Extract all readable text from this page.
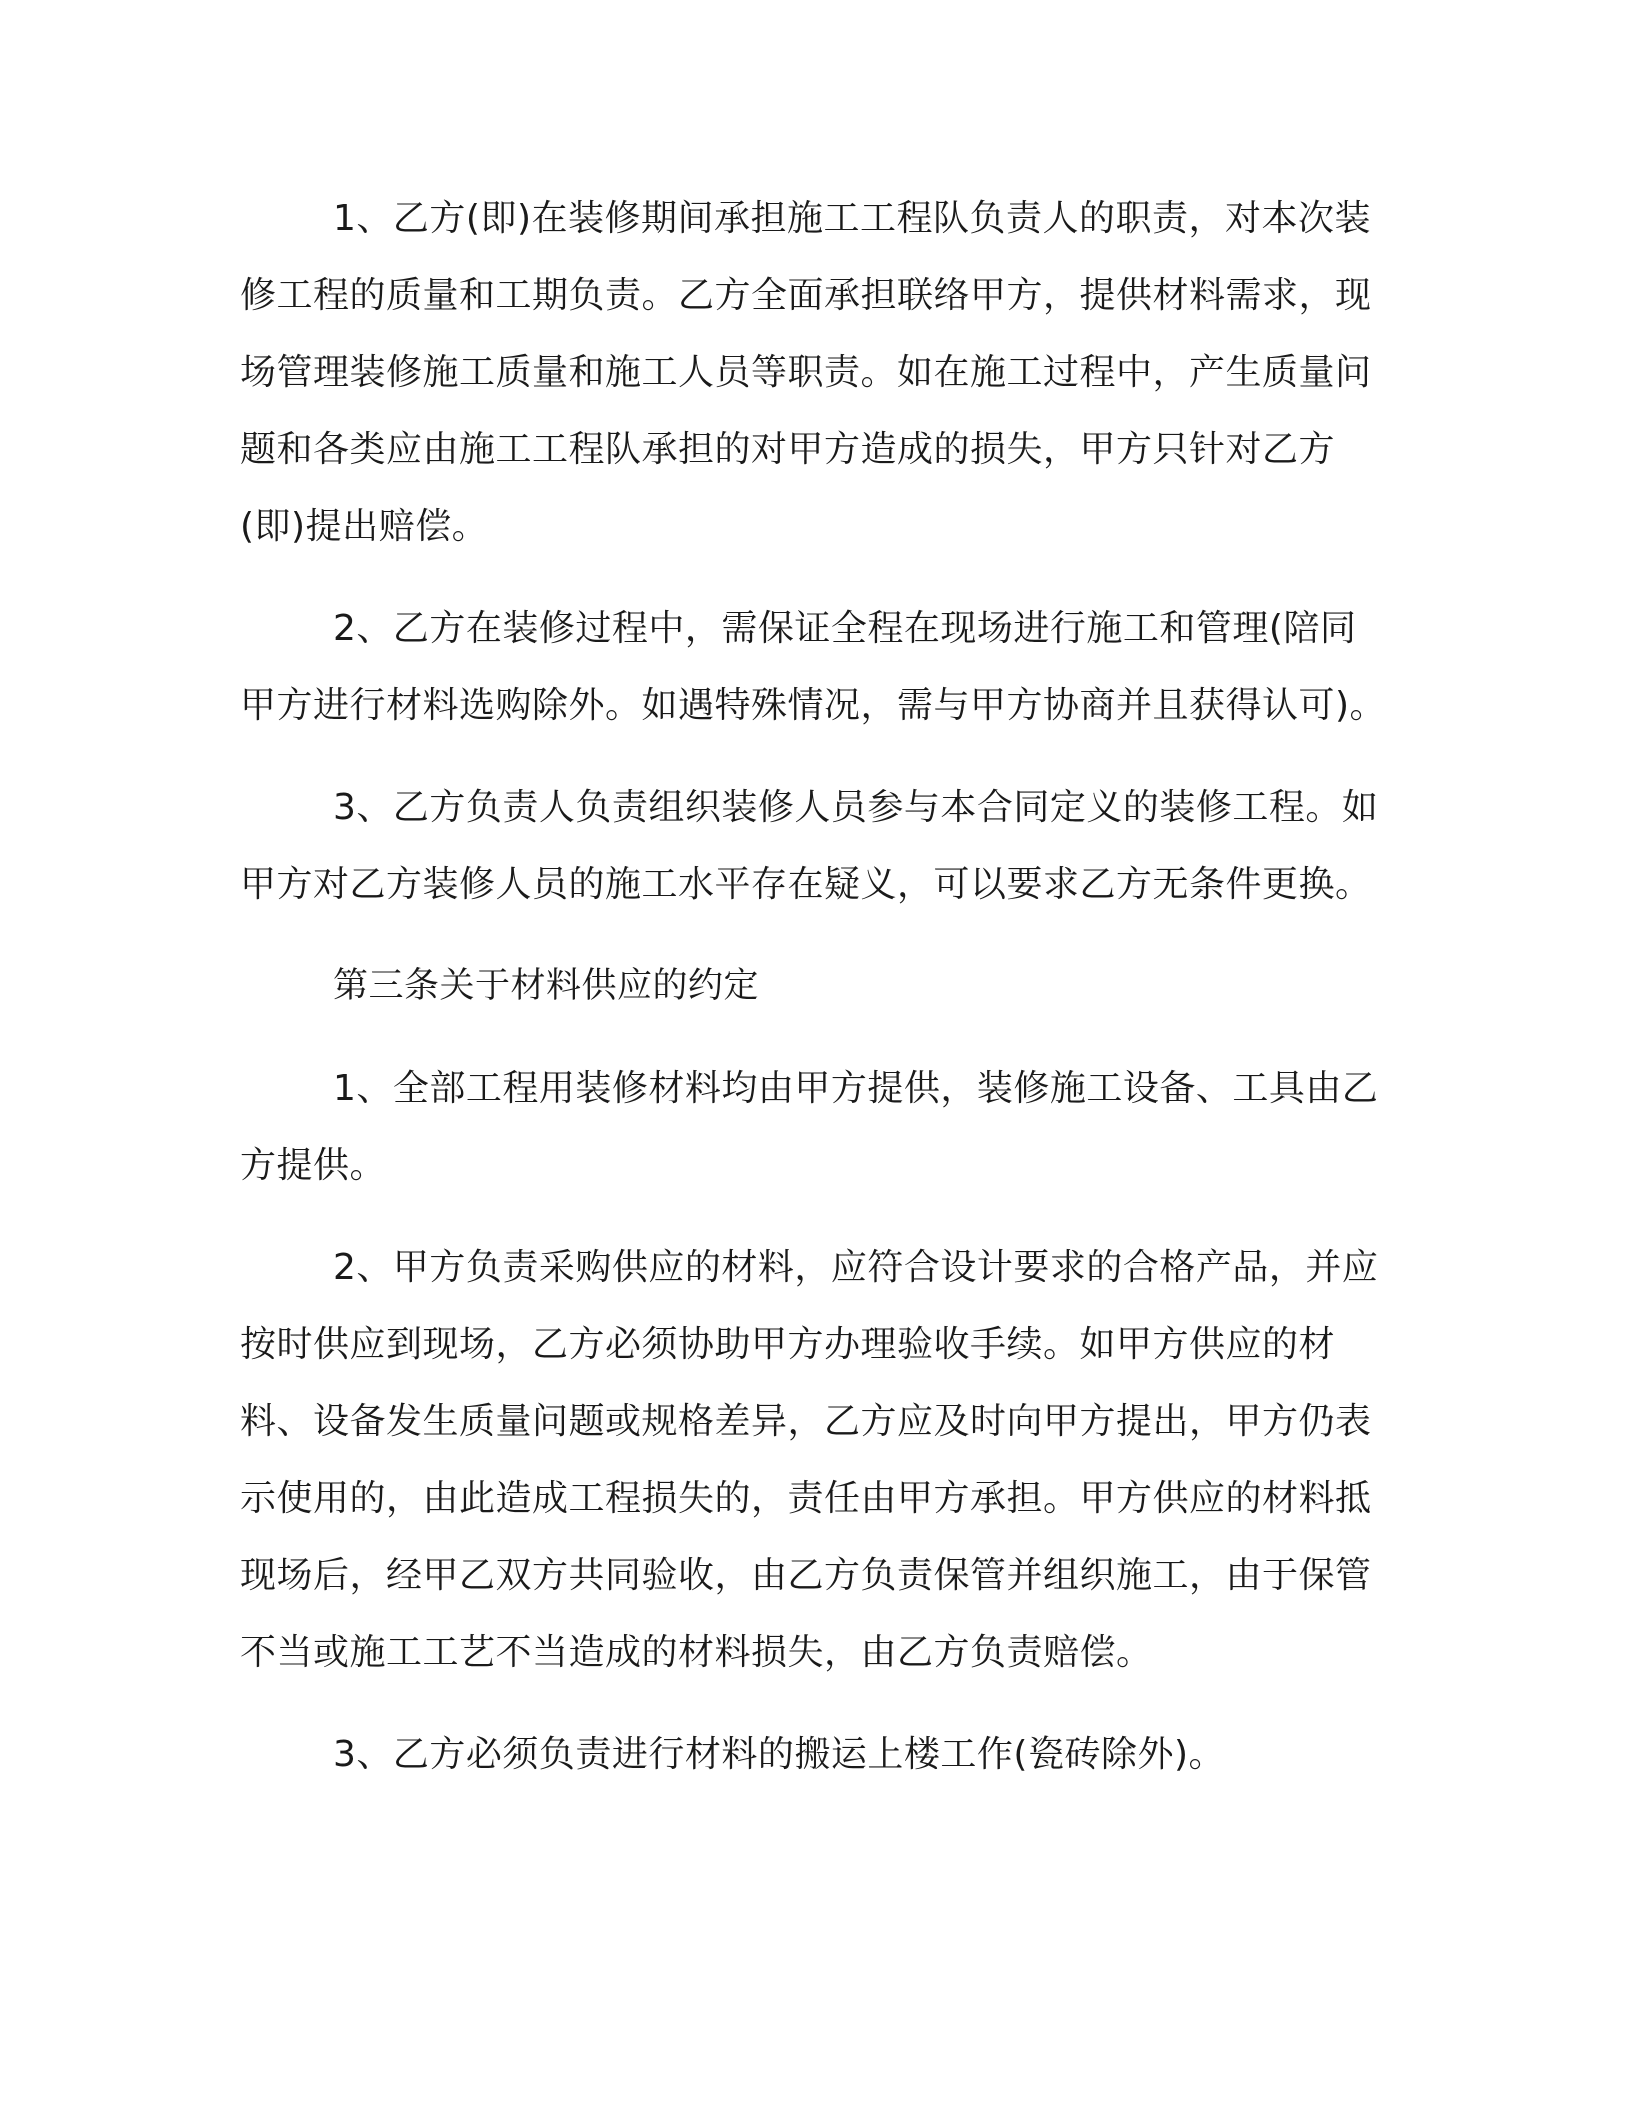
1、乙方(即)在装修期间承担施工工程队负责人的职责，对本次装修工程的质量和工期负责。乙方全面承担联络甲方，提供材料需求，现场管理装修施工质量和施工人员等职责。如在施工过程中，产生质量问题和各类应由施工工程队承担的对甲方造成的损失，甲方只针对乙方(即)提出赔偿。

2、乙方在装修过程中，需保证全程在现场进行施工和管理(陪同甲方进行材料选购除外。如遇特殊情况，需与甲方协商并且获得认可)。

3、乙方负责人负责组织装修人员参与本合同定义的装修工程。如甲方对乙方装修人员的施工水平存在疑义，可以要求乙方无条件更换。

第三条关于材料供应的约定

1、全部工程用装修材料均由甲方提供，装修施工设备、工具由乙方提供。

2、甲方负责采购供应的材料，应符合设计要求的合格产品，并应按时供应到现场，乙方必须协助甲方办理验收手续。如甲方供应的材料、设备发生质量问题或规格差异，乙方应及时向甲方提出，甲方仍表示使用的，由此造成工程损失的，责任由甲方承担。甲方供应的材料抵现场后，经甲乙双方共同验收，由乙方负责保管并组织施工，由于保管不当或施工工艺不当造成的材料损失，由乙方负责赔偿。

3、乙方必须负责进行材料的搬运上楼工作(瓷砖除外)。
